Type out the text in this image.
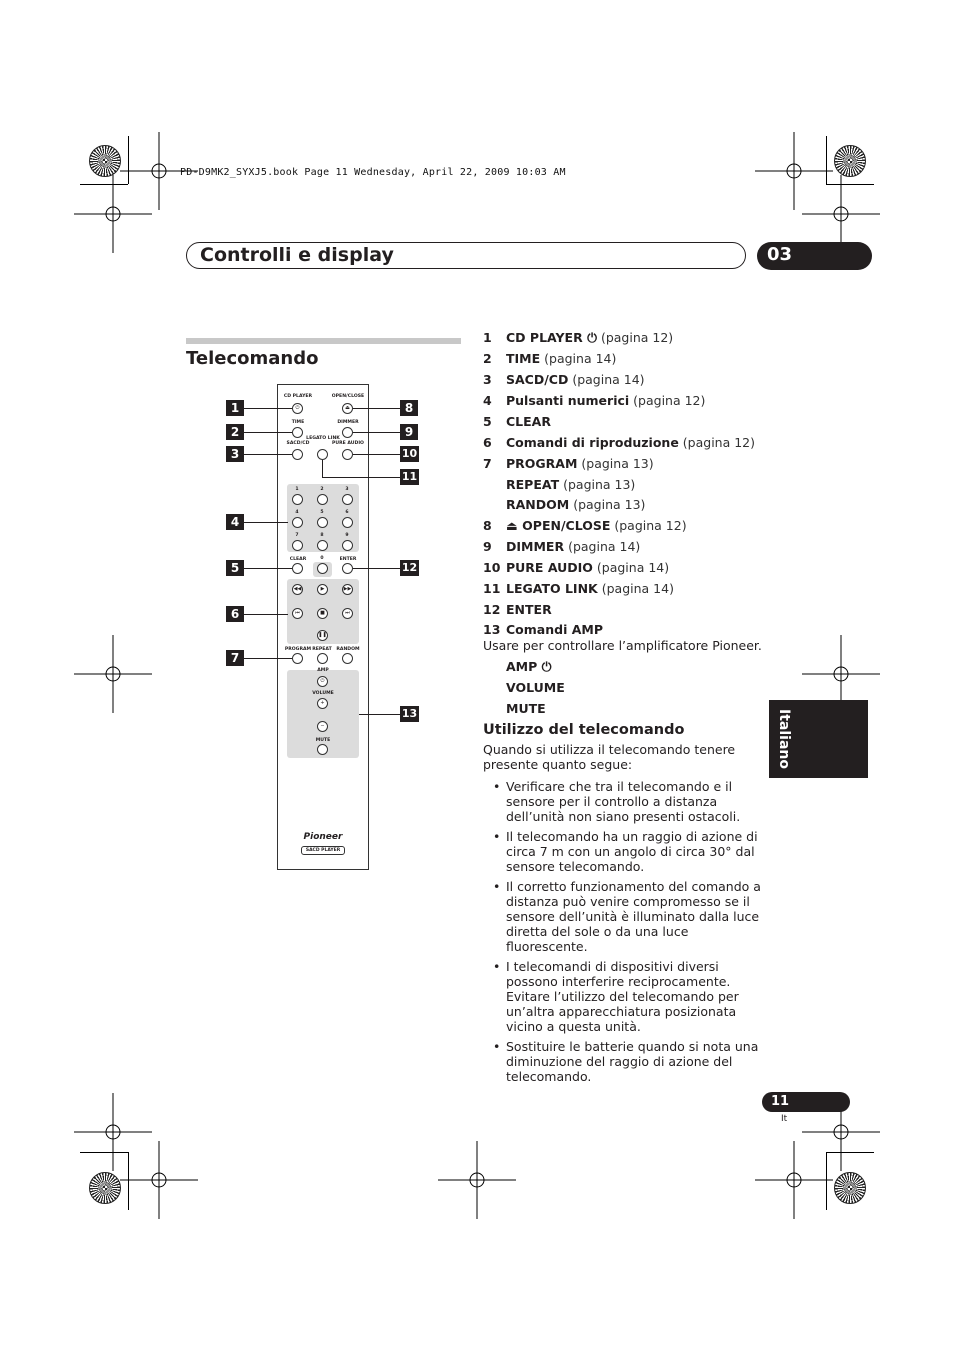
PD-D9MK2_SYXJ5.book Page 11 Wednesday, April 22, 2009 10:03 AM
Controlli e display	03
Telecomando
CD PLAYER	OPEN/CLOSE
⏻	⏏
TIME	DIMMER
SACD/CD
LEGATO LINK
PURE AUDIO
1	2	3
4	5	6
7	8	9
CLEAR	0	ENTER
◀◀	▶	▶▶
⏮	■	⏭
❚❚
PROGRAM REPEAT	RANDOM
AMP
⏻
VOLUME
+
−
MUTE
Pioneer
SACD PLAYER
1
2
3
4
5
6
7
8
9
10
11
12
13
1 CD PLAYER ⏻ (pagina 12)
2 TIME (pagina 14)
3 SACD/CD (pagina 14)
4 Pulsanti numerici (pagina 12)
5 CLEAR
6 Comandi di riproduzione (pagina 12)
7 PROGRAM (pagina 13)
REPEAT (pagina 13)
RANDOM (pagina 13)
8 ⏏ OPEN/CLOSE (pagina 12)
9 DIMMER (pagina 14)
10 PURE AUDIO (pagina 14)
11 LEGATO LINK (pagina 14)
12 ENTER
13 Comandi AMP
Usare per controllare l’amplificatore Pioneer.
AMP ⏻
VOLUME
MUTE
Utilizzo del telecomando
Quando si utilizza il telecomando tenere presente quanto segue:
• Verificare che tra il telecomando e il sensore per il controllo a distanza dell’unità non siano presenti ostacoli.
• Il telecomando ha un raggio di azione di circa 7 m con un angolo di circa 30° dal sensore telecomando.
• Il corretto funzionamento del comando a distanza può venire compromesso se il sensore dell’unità è illuminato dalla luce diretta del sole o da una luce fluorescente.
• I telecomandi di dispositivi diversi possono interferire reciprocamente. Evitare l’utilizzo del telecomando per un’altra apparecchiatura posizionata vicino a questa unità.
• Sostituire le batterie quando si nota una diminuzione del raggio di azione del telecomando.
Italiano
11
It
